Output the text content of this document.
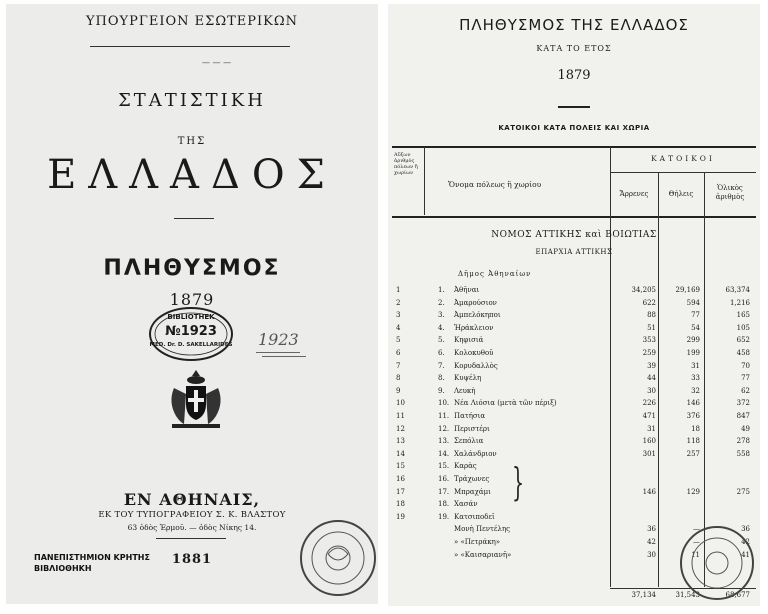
ΥΠΟΥΡΓΕΙΟΝ ΕΣΩΤΕΡΙΚΩΝ
— — —
ΣΤΑΤΙΣΤΙΚΗ
ΤΗΣ
ΕΛΛΑΔΟΣ
ΠΛΗΘΥΣΜΟΣ
1879
BIBLIOTHEK
№1923
MED. Dr. D. SAKELLARIDES 1923
ΕΝ ΑΘΗΝΑΙΣ,
ΕΚ ΤΟΥ ΤΥΠΟΓΡΑΦΕΙΟΥ Σ. Κ. ΒΛΑΣΤΟΥ
63 ὁδὸς Ἑρμοῦ. — ὁδὸς Νίκης 14.
1881
ΠΑΝΕΠΙΣΤΗΜΙΟΝ ΚΡΗΤΗΣ
ΒΙΒΛΙΟΘΗΚΗ
ΠΛΗΘΥΣΜΟΣ ΤΗΣ ΕΛΛΑΔΟΣ
ΚΑΤΑ ΤΟ ΕΤΟΣ
1879
ΚΑΤΟΙΚΟΙ ΚΑΤΑ ΠΟΛΕΙΣ ΚΑΙ ΧΩΡΙΑ
Αὔξων ἀριθμὸς πόλεων ἢ χωρίων
Ὄνομα πόλεως ἢ χωρίου
ΚΑΤΟΙΚΟΙ
Ἄρρενες	Θήλεις
Ὁλικὸς ἀριθμὸς
ΝΟΜΟΣ ΑΤΤΙΚΗΣ καὶ ΒΟΙΩΤΙΑΣ
ΕΠΑΡΧΙΑ ΑΤΤΙΚΗΣ
Δῆμος Ἀθηναίων
1	1. Ἀθῆναι	34,205	29,169	63,374
2	2. Ἀμαρούσιον	622	594	1,216
3	3. Ἀμπελόκηποι	88	77	165
4	4. Ἡράκλειον	51	54	105
5	5. Κηφισιά	353	299	652
6	6. Κολοκυθοῦ	259	199	458
7	7. Κορυδαλλὸς	39	31	70
8	8. Κυψέλη	44	33	77
9	9. Λευκὴ	30	32	62
10	10. Νέα Λιόσια (μετὰ τῶν πέριξ)	226	146	372
11	11. Πατήσια	471	376	847
12	12. Περιστέρι	31	18	49
13	13. Σεπόλια	160	118	278
14	14. Χαλάνδριον	301	257	558
15	15. Καρὰς
16	16. Τράχωνες
17	17. Μπραχάμι	146	129	275
18	18. Χασάν
19	19. Κατσιποδεῖ
Μονὴ Πεντέλης	36	—	36
» «Πετράκη»	42	—	42
» «Καισαριανῆ»	30	11	41
}
37,134	31,543	68,677
